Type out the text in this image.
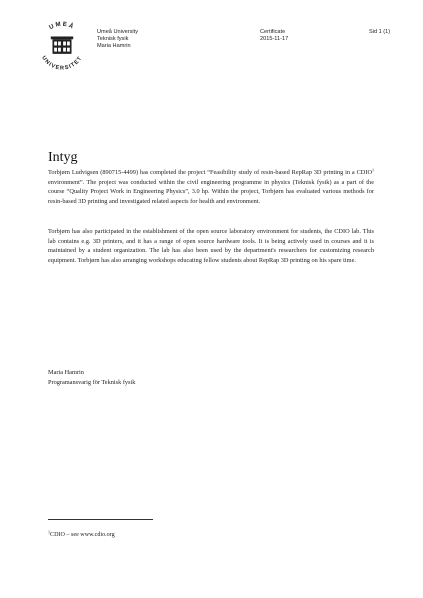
UMEÅ
UNIVERSITET
Umeå University
Teknisk fysik
Maria Hamrin
Certificate
2015-11-17
Sid 1 (1)
Intyg
Torbjørn Ludvigsen (890715-4499) has completed the project “Feasibility study of resin-based RepRap 3D printing in a CDIO$^1$ environment”. The project was conducted within the civil engineering programme in physics (Teknisk fysik) as a part of the course “Quality Project Work in Engineering Physics”, 3.0 hp. Within the project, Torbjørn has evaluated various methods for resin-based 3D printing and investigated related aspects for health and environment.
Torbjørn has also participated in the establishment of the open source laboratory environment for students, the CDIO lab. This lab contains e.g. 3D printers, and it has a range of open source hardware tools. It is being actively used in courses and it is maintained by a student organization. The lab has also been used by the department's researchers for customizing research equipment. Torbjørn has also arranging workshops educating fellow students about RepRap 3D printing on his spare time.
Maria Hamrin
Programansvarig för Teknisk fysik
$^1$CDIO – see www.cdio.org
